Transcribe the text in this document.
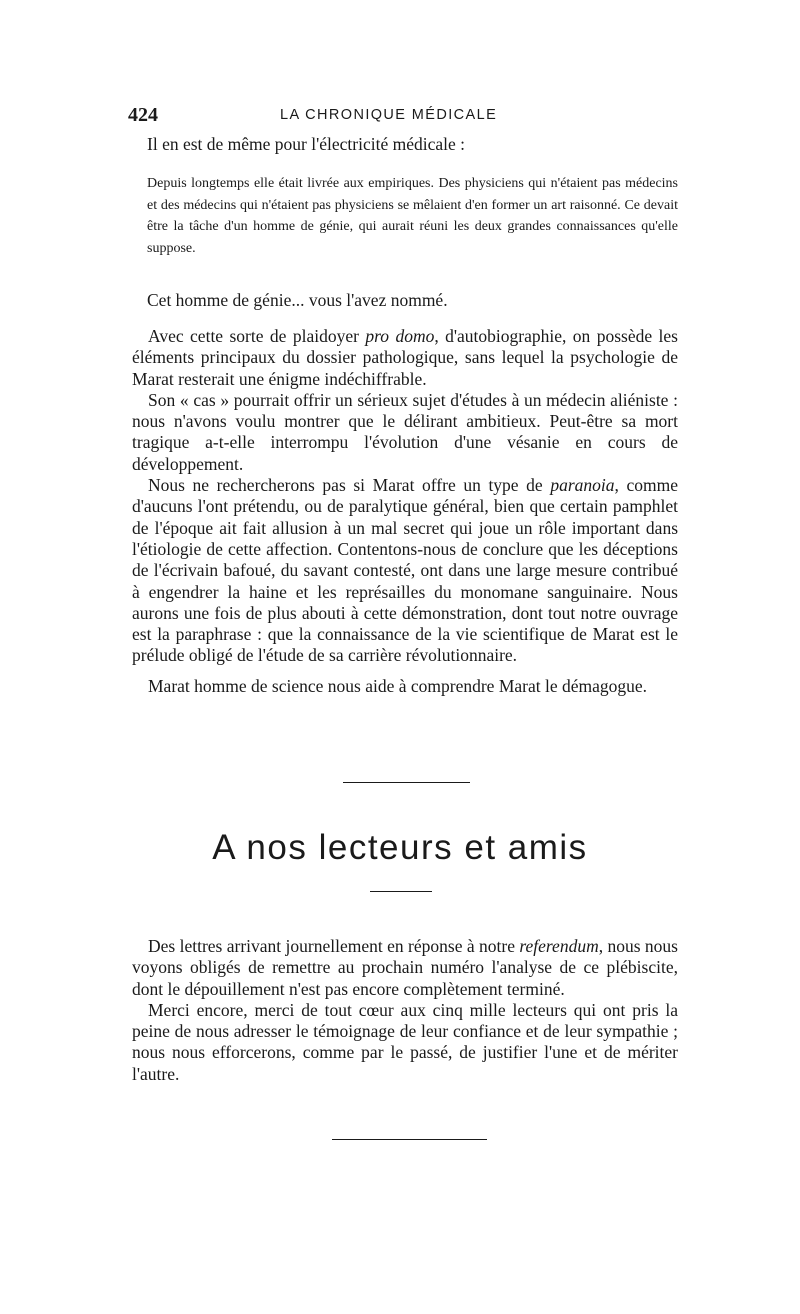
424	LA CHRONIQUE MÉDICALE

Il en est de même pour l'électricité médicale :

Depuis longtemps elle était livrée aux empiriques. Des physiciens qui n'étaient pas médecins et des médecins qui n'étaient pas physiciens se mêlaient d'en former un art raisonné. Ce devait être la tâche d'un homme de génie, qui aurait réuni les deux grandes connaissances qu'elle suppose.

Cet homme de génie... vous l'avez nommé.

Avec cette sorte de plaidoyer pro domo, d'autobiographie, on possède les éléments principaux du dossier pathologique, sans lequel la psychologie de Marat resterait une énigme indéchiffrable.

Son « cas » pourrait offrir un sérieux sujet d'études à un médecin aliéniste : nous n'avons voulu montrer que le délirant ambitieux. Peut-être sa mort tragique a-t-elle interrompu l'évolution d'une vésanie en cours de développement.

Nous ne rechercherons pas si Marat offre un type de paranoia, comme d'aucuns l'ont prétendu, ou de paralytique général, bien que certain pamphlet de l'époque ait fait allusion à un mal secret qui joue un rôle important dans l'étiologie de cette affection. Contentons-nous de conclure que les déceptions de l'écrivain bafoué, du savant contesté, ont dans une large mesure contribué à engendrer la haine et les représailles du monomane sanguinaire. Nous aurons une fois de plus abouti à cette démonstration, dont tout notre ouvrage est la paraphrase : que la connaissance de la vie scientifique de Marat est le prélude obligé de l'étude de sa carrière révolutionnaire.

Marat homme de science nous aide à comprendre Marat le démagogue.

A nos lecteurs et amis

Des lettres arrivant journellement en réponse à notre referendum, nous nous voyons obligés de remettre au prochain numéro l'analyse de ce plébiscite, dont le dépouillement n'est pas encore complètement terminé.

Merci encore, merci de tout cœur aux cinq mille lecteurs qui ont pris la peine de nous adresser le témoignage de leur confiance et de leur sympathie ; nous nous efforcerons, comme par le passé, de justifier l'une et de mériter l'autre.
